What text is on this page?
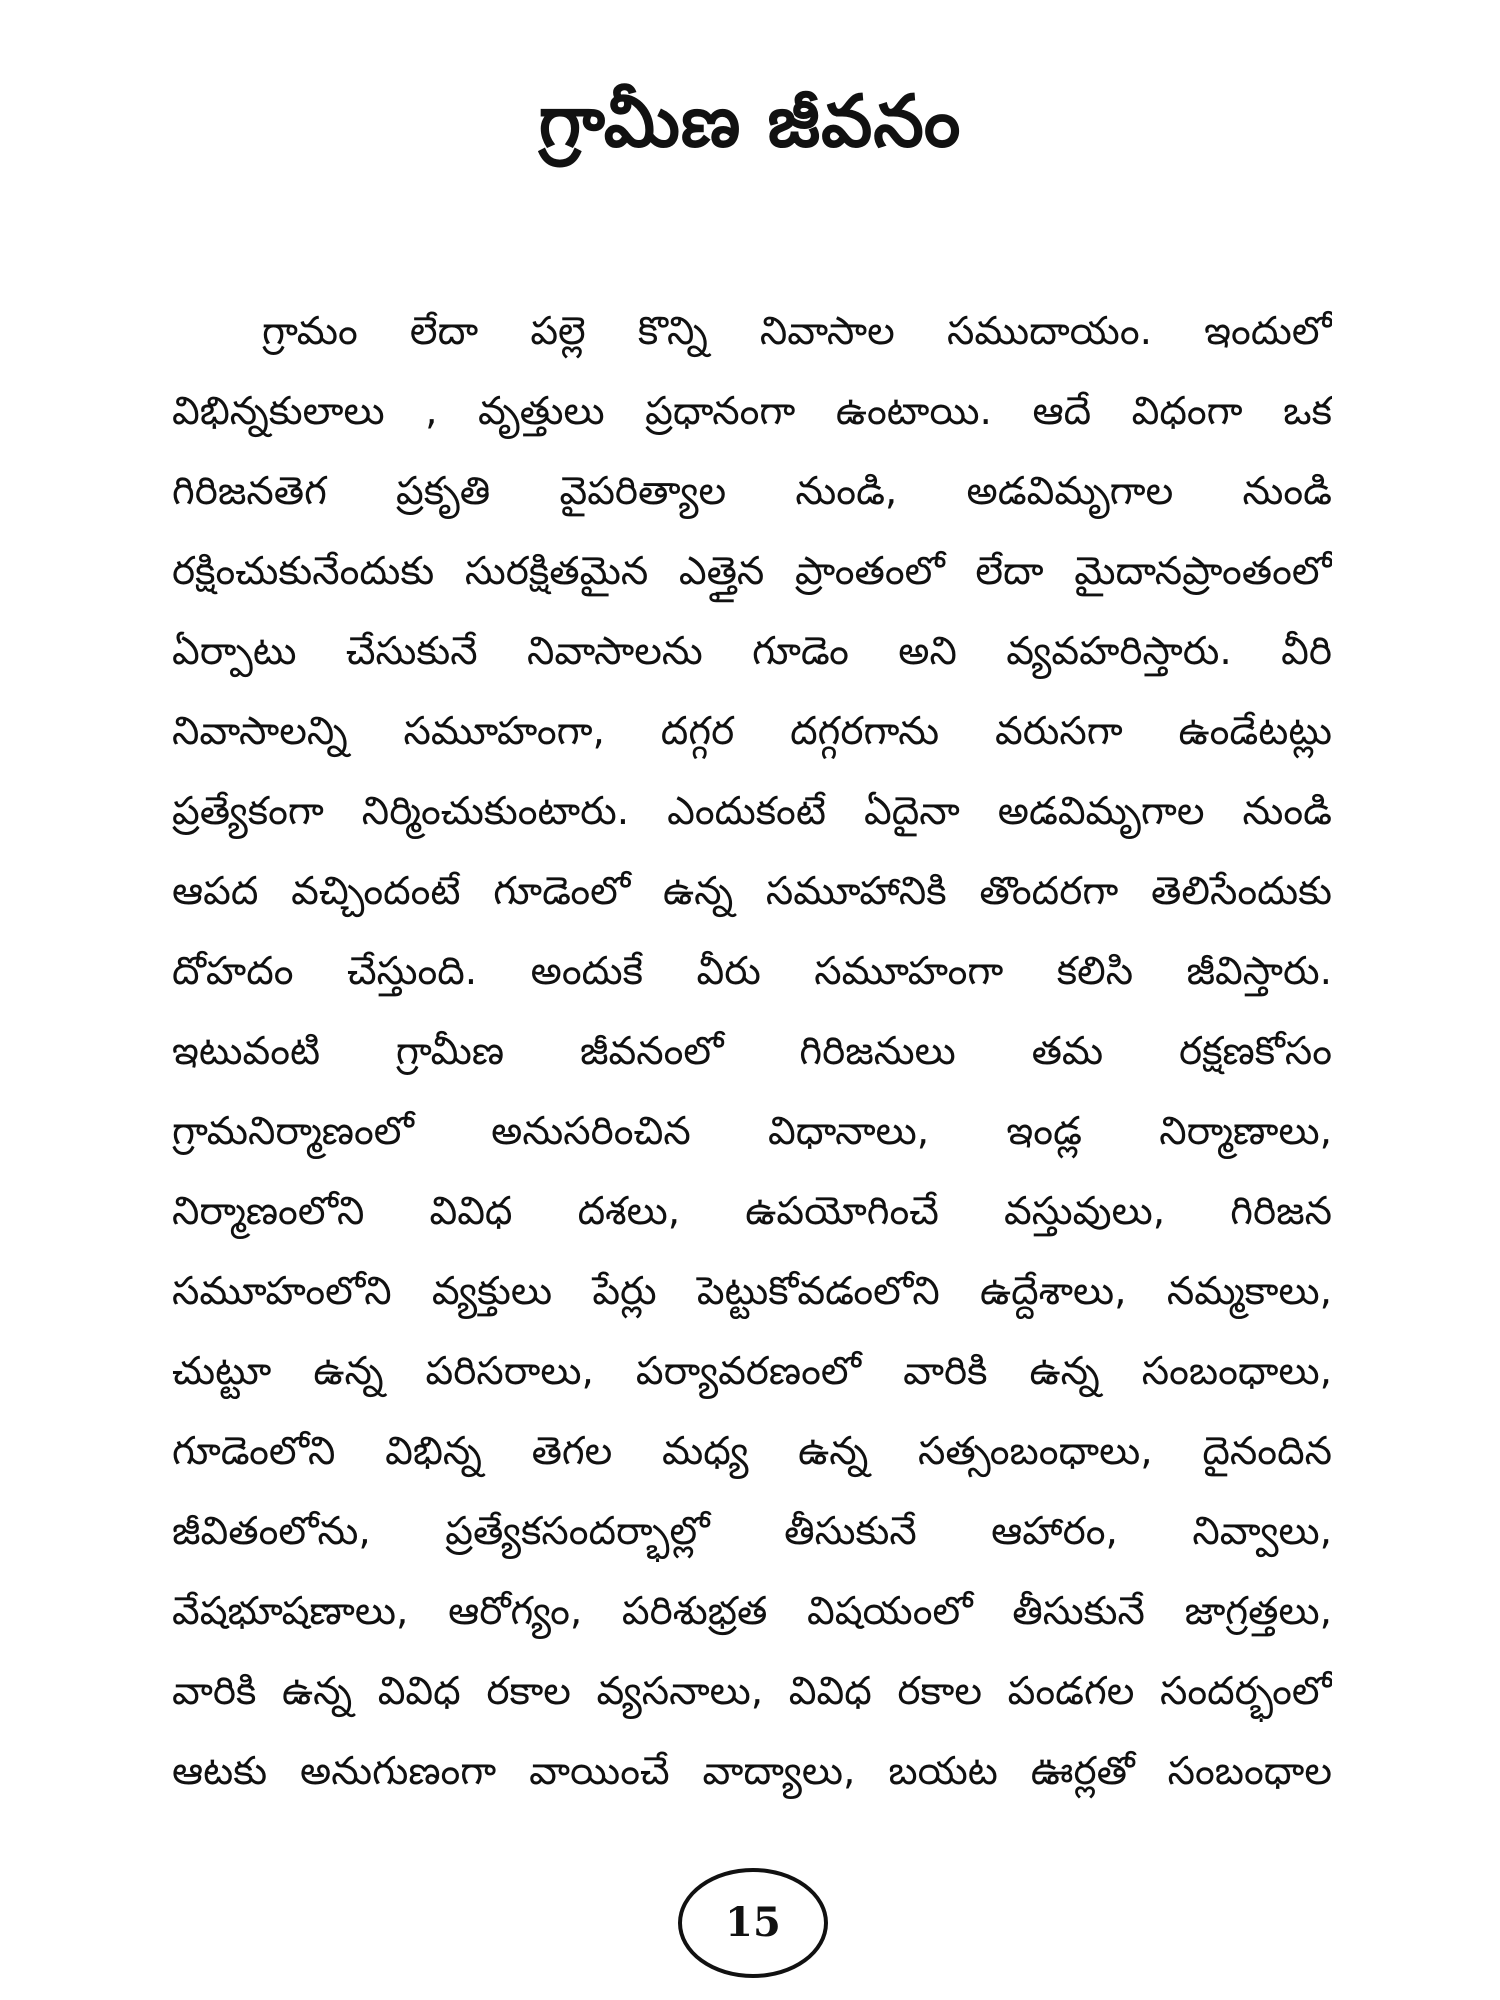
గ్రామీణ జీవనం
గ్రామం లేదా పల్లె కొన్ని నివాసాల సముదాయం. ఇందులో
విభిన్నకులాలు , వృత్తులు ప్రధానంగా ఉంటాయి. ఆదే విధంగా ఒక
గిరిజనతెగ ప్రకృతి వైపరిత్యాల నుండి, అడవిమృగాల నుండి
రక్షించుకునేందుకు సురక్షితమైన ఎత్తైన ప్రాంతంలో లేదా మైదానప్రాంతంలో
ఏర్పాటు చేసుకునే నివాసాలను గూడెం అని వ్యవహరిస్తారు. వీరి
నివాసాలన్ని సమూహంగా, దగ్గర దగ్గరగాను వరుసగా ఉండేటట్లు
ప్రత్యేకంగా నిర్మించుకుంటారు. ఎందుకంటే ఏదైనా అడవిమృగాల నుండి
ఆపద వచ్చిందంటే గూడెంలో ఉన్న సమూహానికి తొందరగా తెలిసేందుకు
దోహదం చేస్తుంది. అందుకే వీరు సమూహంగా కలిసి జీవిస్తారు.
ఇటువంటి గ్రామీణ జీవనంలో గిరిజనులు తమ రక్షణకోసం
గ్రామనిర్మాణంలో అనుసరించిన విధానాలు, ఇండ్ల నిర్మాణాలు,
నిర్మాణంలోని వివిధ దశలు, ఉపయోగించే వస్తువులు, గిరిజన
సమూహంలోని వ్యక్తులు పేర్లు పెట్టుకోవడంలోని ఉద్దేశాలు, నమ్మకాలు,
చుట్టూ ఉన్న పరిసరాలు, పర్యావరణంలో వారికి ఉన్న సంబంధాలు,
గూడెంలోని విభిన్న తెగల మధ్య ఉన్న సత్సంబంధాలు, దైనందిన
జీవితంలోను, ప్రత్యేకసందర్భాల్లో తీసుకునే ఆహారం, నివ్వాలు,
వేషభూషణాలు, ఆరోగ్యం, పరిశుభ్రత విషయంలో తీసుకునే జాగ్రత్తలు,
వారికి ఉన్న వివిధ రకాల వ్యసనాలు, వివిధ రకాల పండగల సందర్భంలో
ఆటకు అనుగుణంగా వాయించే వాద్యాలు, బయట ఊర్లతో సంబంధాల
15
